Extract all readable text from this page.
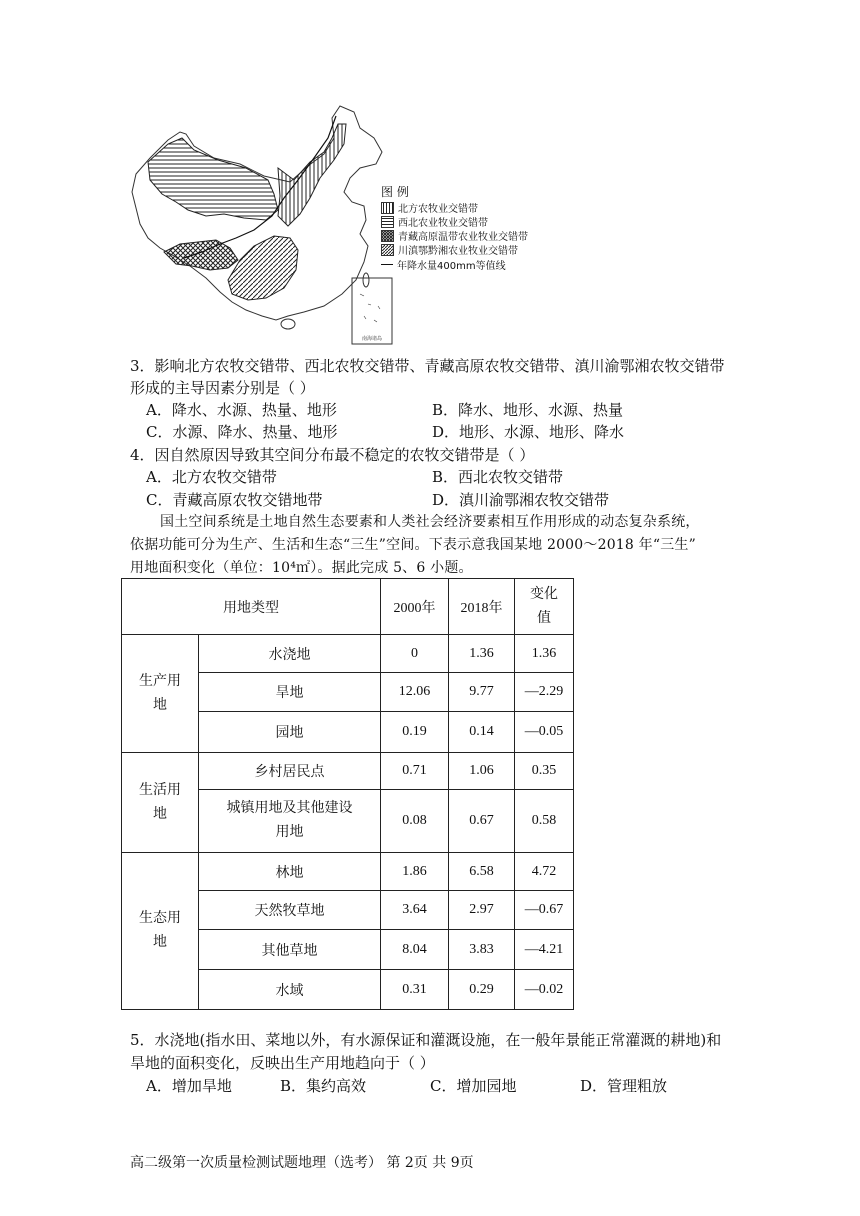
南海诸岛
图 例
北方农牧业交错带
西北农业牧业交错带
青藏高原温带农业牧业交错带
川滇鄂黔湘农业牧业交错带
年降水量400mm等值线
3．影响北方农牧交错带、西北农牧交错带、青藏高原农牧交错带、滇川渝鄂湘农牧交错带
形成的主导因素分别是（ ）
A．降水、水源、热量、地形	B．降水、地形、水源、热量
C．水源、降水、热量、地形	D．地形、水源、地形、降水
4．因自然原因导致其空间分布最不稳定的农牧交错带是（ ）
A．北方农牧交错带	B．西北农牧交错带
C．青藏高原农牧交错地带	D．滇川渝鄂湘农牧交错带
国土空间系统是土地自然生态要素和人类社会经济要素相互作用形成的动态复杂系统，
依据功能可分为生产、生活和生态“三生”空间。下表示意我国某地 2000～2018 年“三生”
用地面积变化（单位：10⁴㎡）。据此完成 5、6 小题。
用地类型		2000年	2018年	变化值
生产用地	水浇地	0	1.36	1.36
	旱地	12.06	9.77	—2.29
	园地	0.19	0.14	—0.05
生活用地	乡村居民点	0.71	1.06	0.35
	城镇用地及其他建设用地	0.08	0.67	0.58
生态用地	林地	1.86	6.58	4.72
	天然牧草地	3.64	2.97	—0.67
	其他草地	8.04	3.83	—4.21
	水域	0.31	0.29	—0.02
5．水浇地(指水田、菜地以外，有水源保证和灌溉设施，在一般年景能正常灌溉的耕地)和
旱地的面积变化，反映出生产用地趋向于（ ）
A．增加旱地	B．集约高效	C．增加园地	D．管理粗放
高二级第一次质量检测试题地理（选考） 第 2页 共 9页
